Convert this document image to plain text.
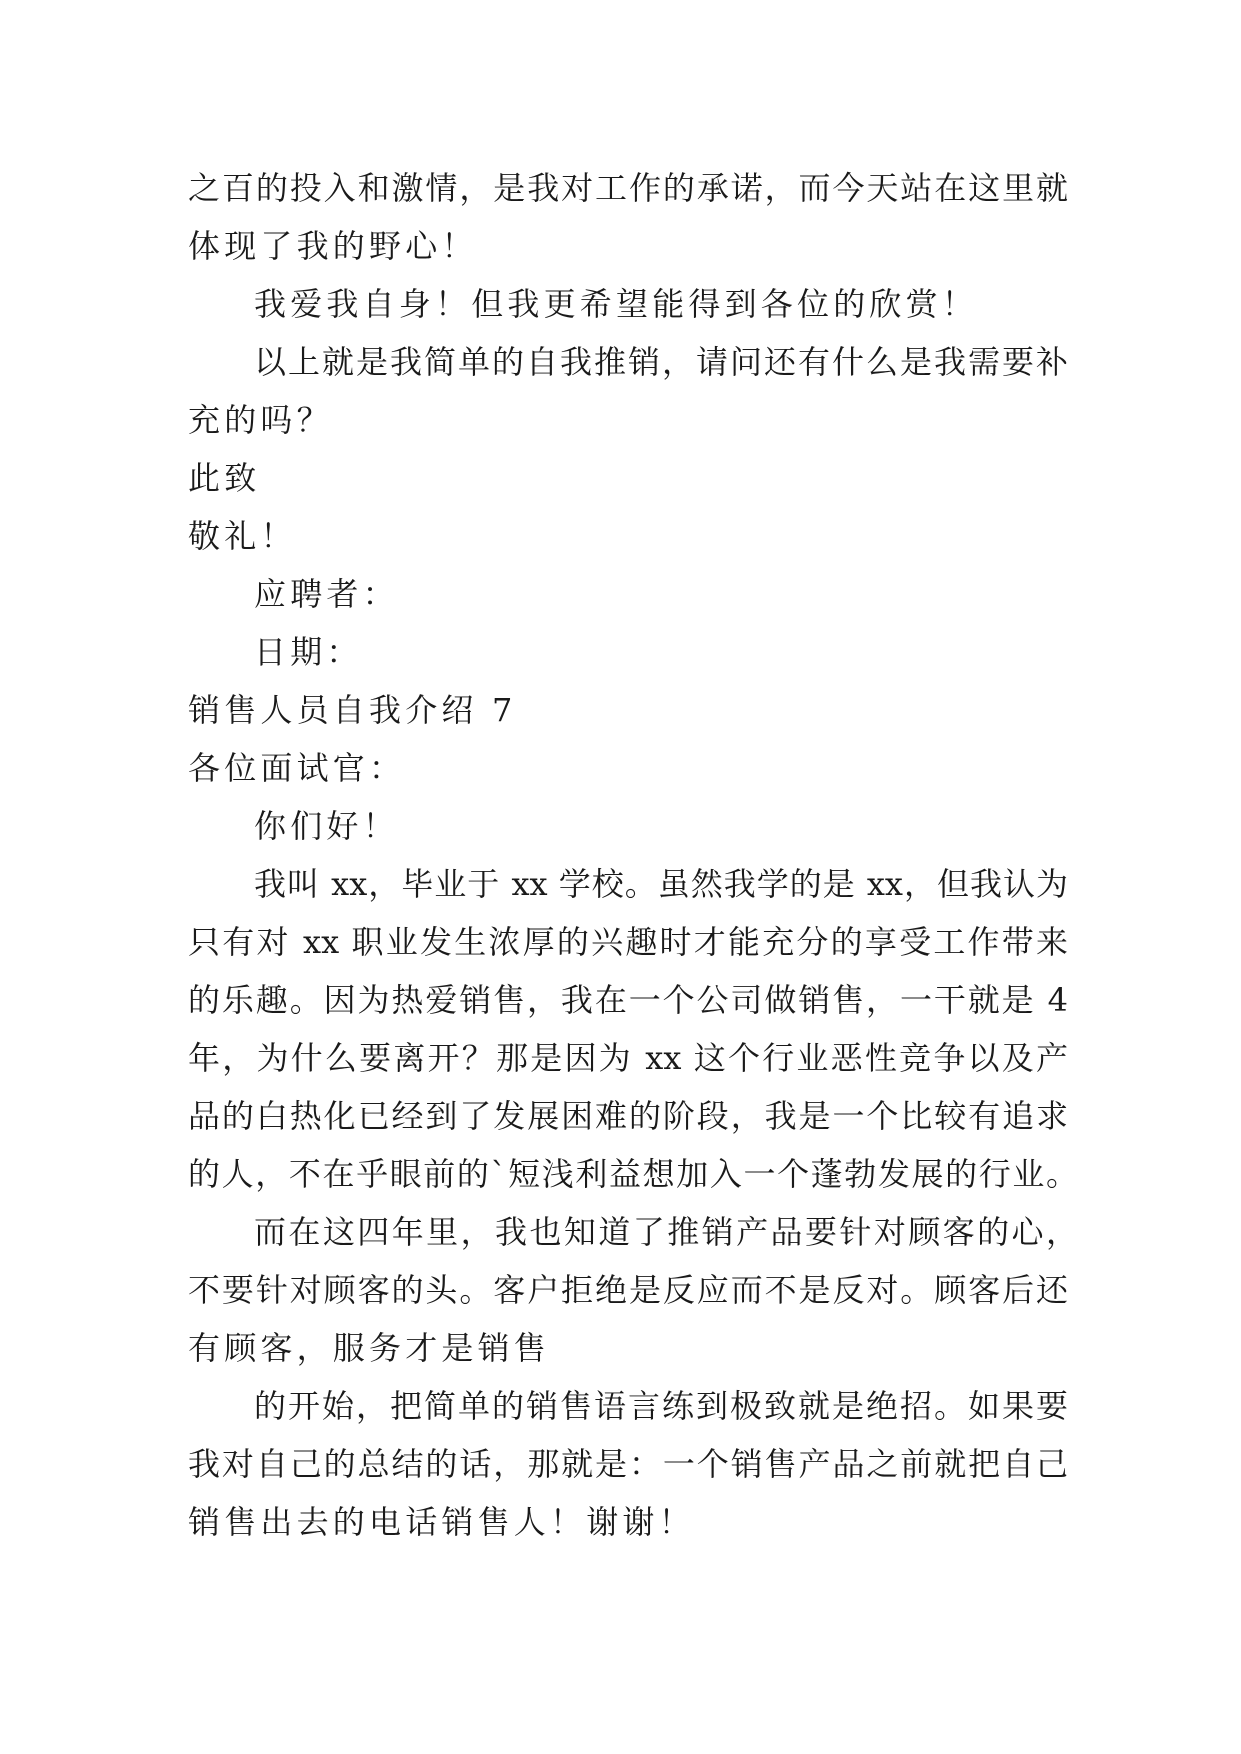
之百的投入和激情，是我对工作的承诺，而今天站在这里就
体现了我的野心！
我爱我自身！但我更希望能得到各位的欣赏！
以上就是我简单的自我推销，请问还有什么是我需要补
充的吗？
此致
敬礼！
应聘者：
日期：
销售人员自我介绍 7
各位面试官：
你们好！
我叫 xx，毕业于 xx 学校。虽然我学的是 xx，但我认为
只有对 xx 职业发生浓厚的兴趣时才能充分的享受工作带来
的乐趣。因为热爱销售，我在一个公司做销售，一干就是 4
年，为什么要离开？那是因为 xx 这个行业恶性竞争以及产
品的白热化已经到了发展困难的阶段，我是一个比较有追求
的人，不在乎眼前的`短浅利益想加入一个蓬勃发展的行业。
而在这四年里，我也知道了推销产品要针对顾客的心，
不要针对顾客的头。客户拒绝是反应而不是反对。顾客后还
有顾客，服务才是销售
的开始，把简单的销售语言练到极致就是绝招。如果要
我对自己的总结的话，那就是：一个销售产品之前就把自己
销售出去的电话销售人！谢谢！
